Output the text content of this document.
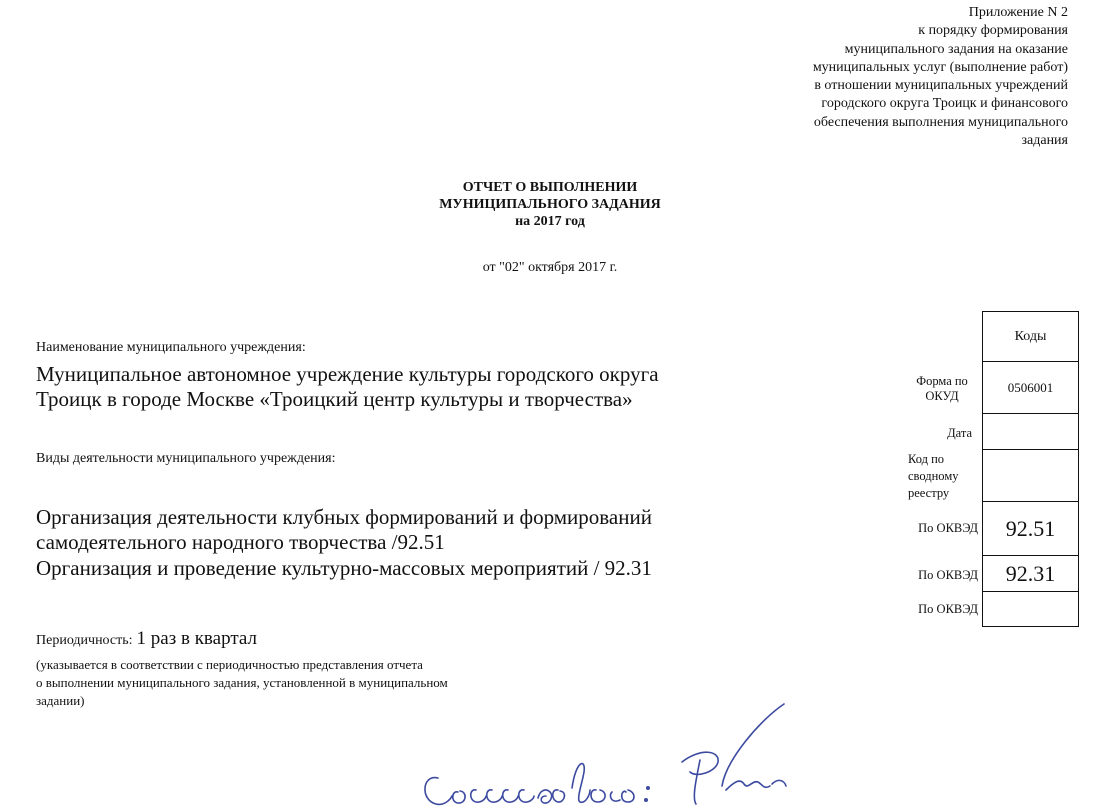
Приложение N 2
к порядку формирования
муниципального задания на оказание
муниципальных услуг (выполнение работ)
в отношении муниципальных учреждений
городского округа Троицк и финансового
обеспечения выполнения муниципального
задания
ОТЧЕТ О ВЫПОЛНЕНИИ
МУНИЦИПАЛЬНОГО ЗАДАНИЯ
на 2017 год
от "02" октября 2017 г.
Наименование муниципального учреждения:
Муниципальное автономное учреждение культуры городского округа
Троицк в городе Москве «Троицкий центр культуры и творчества»
Виды деятельности муниципального учреждения:
Организация деятельности клубных формирований и формирований
самодеятельного народного творчества /92.51
Организация и проведение культурно-массовых мероприятий / 92.31
Форма по
ОКУД
Дата
Код по
сводному
реестру
По ОКВЭД
По ОКВЭД
По ОКВЭД
Коды
0506001
92.51
92.31
Периодичность: 1 раз в квартал
(указывается в соответствии с периодичностью представления отчета
о выполнении муниципального задания, установленной в муниципальном
задании)
